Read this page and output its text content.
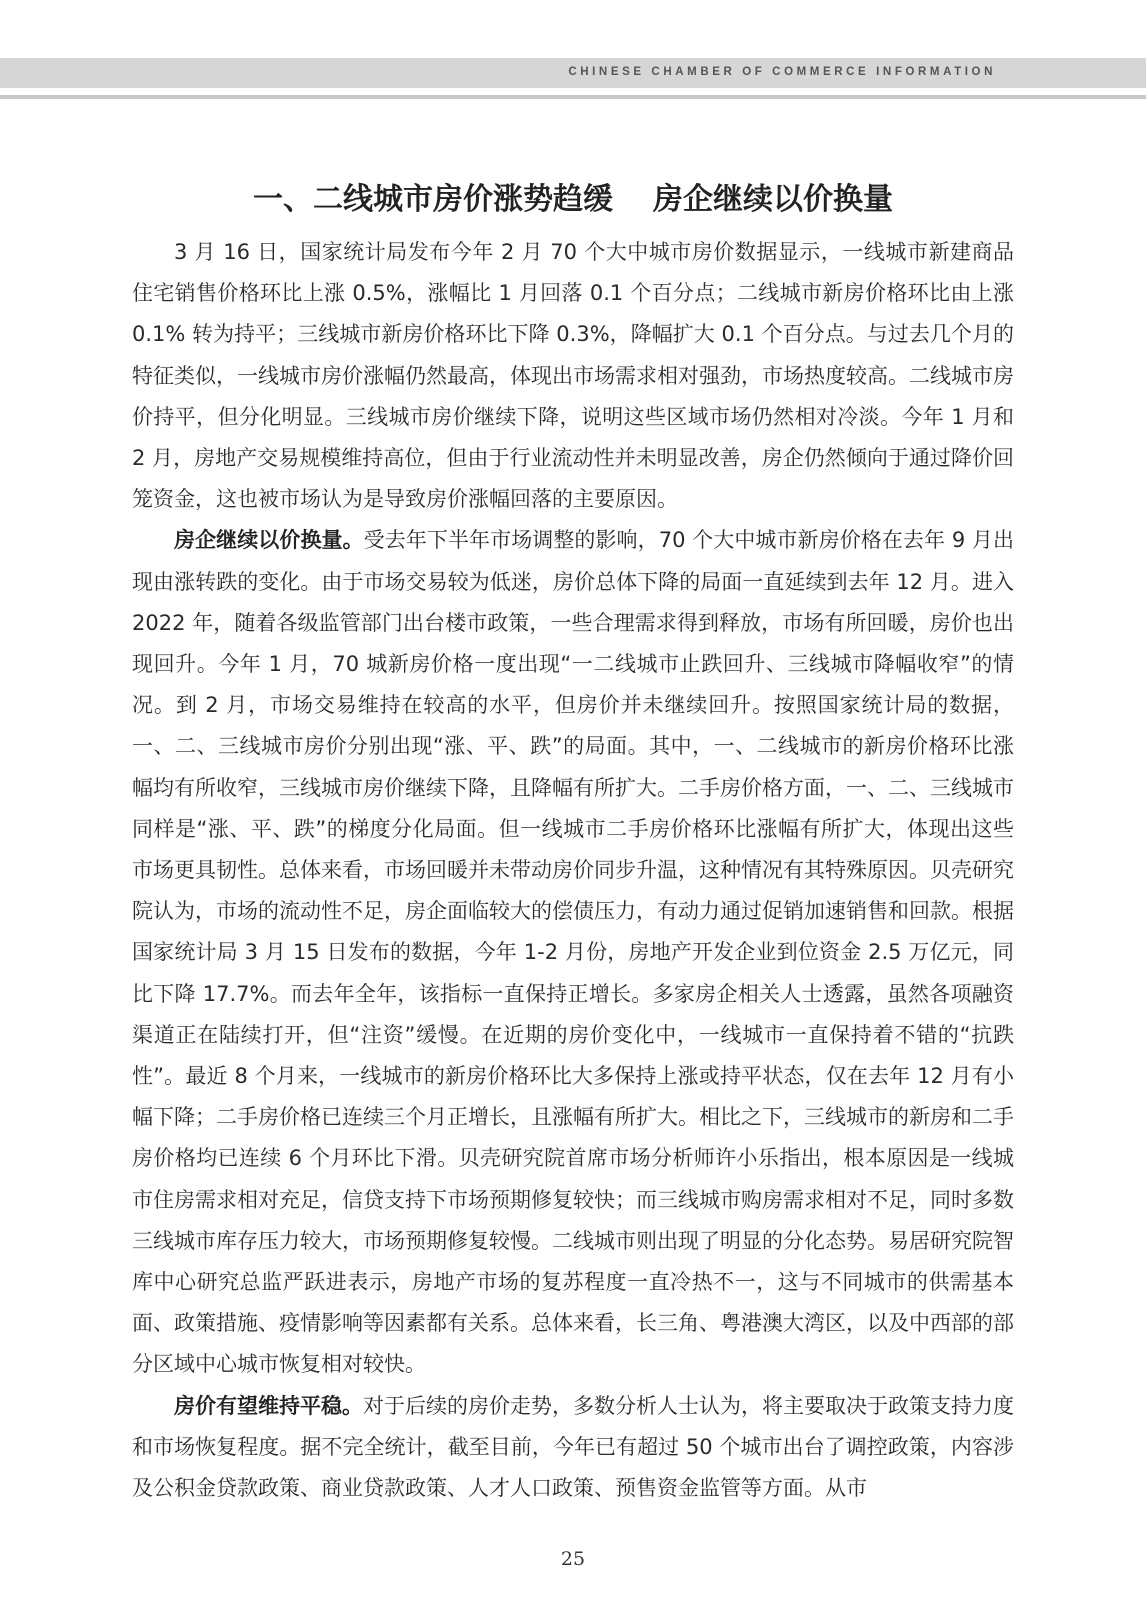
CHINESE CHAMBER OF COMMERCE INFORMATION
一、二线城市房价涨势趋缓 房企继续以价换量

3 月 16 日，国家统计局发布今年 2 月 70 个大中城市房价数据显示，一线城市新建商品住宅销售价格环比上涨 0.5%，涨幅比 1 月回落 0.1 个百分点；二线城市新房价格环比由上涨 0.1% 转为持平；三线城市新房价格环比下降 0.3%，降幅扩大 0.1 个百分点。与过去几个月的特征类似，一线城市房价涨幅仍然最高，体现出市场需求相对强劲，市场热度较高。二线城市房价持平，但分化明显。三线城市房价继续下降，说明这些区域市场仍然相对冷淡。今年 1 月和 2 月，房地产交易规模维持高位，但由于行业流动性并未明显改善，房企仍然倾向于通过降价回笼资金，这也被市场认为是导致房价涨幅回落的主要原因。

房企继续以价换量。受去年下半年市场调整的影响，70 个大中城市新房价格在去年 9 月出现由涨转跌的变化。由于市场交易较为低迷，房价总体下降的局面一直延续到去年 12 月。进入 2022 年，随着各级监管部门出台楼市政策，一些合理需求得到释放，市场有所回暖，房价也出现回升。今年 1 月，70 城新房价格一度出现“一二线城市止跌回升、三线城市降幅收窄”的情况。到 2 月，市场交易维持在较高的水平，但房价并未继续回升。按照国家统计局的数据，一、二、三线城市房价分别出现“涨、平、跌”的局面。其中，一、二线城市的新房价格环比涨幅均有所收窄，三线城市房价继续下降，且降幅有所扩大。二手房价格方面，一、二、三线城市同样是“涨、平、跌”的梯度分化局面。但一线城市二手房价格环比涨幅有所扩大，体现出这些市场更具韧性。总体来看，市场回暖并未带动房价同步升温，这种情况有其特殊原因。贝壳研究院认为，市场的流动性不足，房企面临较大的偿债压力，有动力通过促销加速销售和回款。根据国家统计局 3 月 15 日发布的数据，今年 1-2 月份，房地产开发企业到位资金 2.5 万亿元，同比下降 17.7%。而去年全年，该指标一直保持正增长。多家房企相关人士透露，虽然各项融资渠道正在陆续打开，但“注资”缓慢。在近期的房价变化中，一线城市一直保持着不错的“抗跌性”。最近 8 个月来，一线城市的新房价格环比大多保持上涨或持平状态，仅在去年 12 月有小幅下降；二手房价格已连续三个月正增长，且涨幅有所扩大。相比之下，三线城市的新房和二手房价格均已连续 6 个月环比下滑。贝壳研究院首席市场分析师许小乐指出，根本原因是一线城市住房需求相对充足，信贷支持下市场预期修复较快；而三线城市购房需求相对不足，同时多数三线城市库存压力较大，市场预期修复较慢。二线城市则出现了明显的分化态势。易居研究院智库中心研究总监严跃进表示，房地产市场的复苏程度一直冷热不一，这与不同城市的供需基本面、政策措施、疫情影响等因素都有关系。总体来看，长三角、粤港澳大湾区，以及中西部的部分区域中心城市恢复相对较快。

房价有望维持平稳。对于后续的房价走势，多数分析人士认为，将主要取决于政策支持力度和市场恢复程度。据不完全统计，截至目前，今年已有超过 50 个城市出台了调控政策，内容涉及公积金贷款政策、商业贷款政策、人才人口政策、预售资金监管等方面。从市

25
